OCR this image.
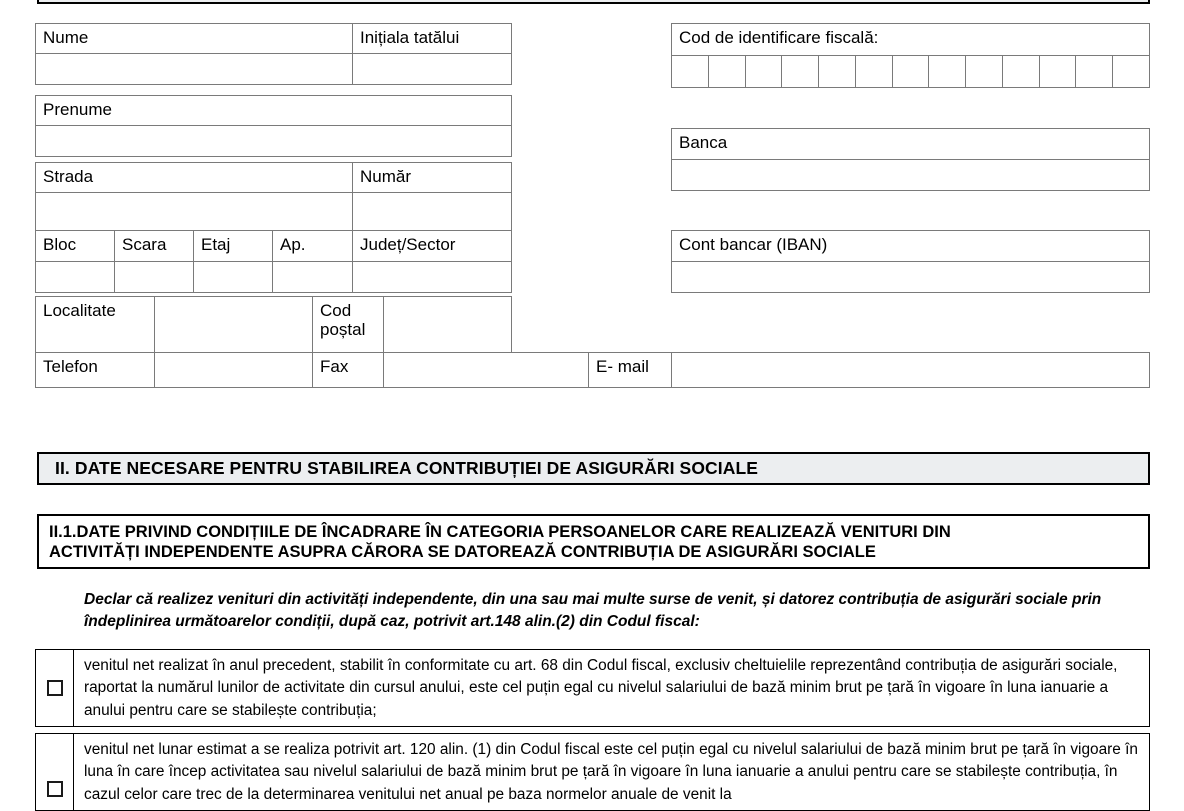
Nume	Inițiala tatălui
Prenume
Strada	Număr
Bloc	Scara	Etaj	Ap.	Județ/Sector
Localitate	Cod
poștal
Telefon	Fax	E- mail
Cod de identificare fiscală:
Banca
Cont bancar (IBAN)
II. DATE NECESARE PENTRU STABILIREA CONTRIBUȚIEI DE ASIGURĂRI SOCIALE
II.1.DATE PRIVIND CONDIȚIILE DE ÎNCADRARE ÎN CATEGORIA PERSOANELOR CARE REALIZEAZĂ VENITURI DIN
ACTIVITĂȚI INDEPENDENTE ASUPRA CĂRORA SE DATOREAZĂ CONTRIBUȚIA DE ASIGURĂRI SOCIALE
Declar că realizez venituri din activități independente, din una sau mai multe surse de venit, și datorez contribuția de asigurări sociale prin îndeplinirea următoarelor condiții, după caz, potrivit art.148 alin.(2) din Codul fiscal:
venitul net realizat în anul precedent, stabilit în conformitate cu art. 68 din Codul fiscal, exclusiv cheltuielile reprezentând contribuția de asigurări sociale, raportat la numărul lunilor de activitate din cursul anului, este cel puțin egal cu nivelul salariului de bază minim brut pe țară în vigoare în luna ianuarie a anului pentru care se stabilește contribuția;
venitul net lunar estimat a se realiza potrivit art. 120 alin. (1) din Codul fiscal este cel puțin egal cu nivelul salariului de bază minim brut pe țară în vigoare în luna în care încep activitatea sau nivelul salariului de bază minim brut pe țară în vigoare în luna ianuarie a anului pentru care se stabilește contribuția, în cazul celor care trec de la determinarea venitului net anual pe baza normelor anuale de venit la
